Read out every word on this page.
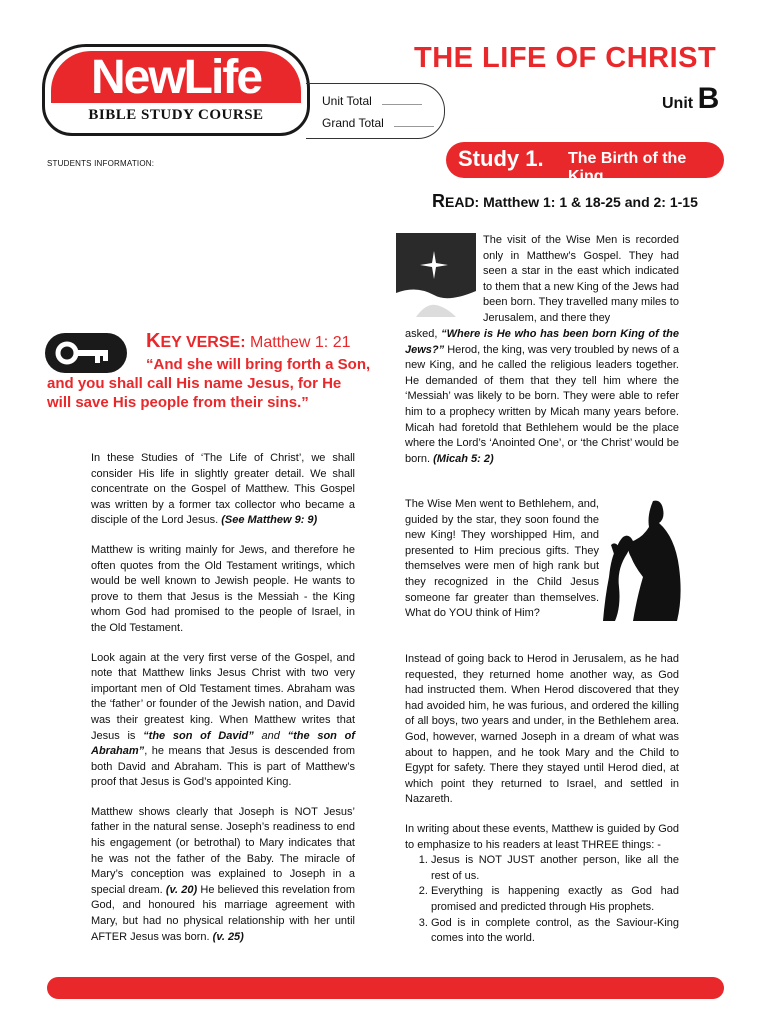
NewLife
BIBLE STUDY COURSE
Unit Total
Grand Total
THE LIFE OF CHRIST
Unit B
Study 1. The Birth of the King
STUDENTS INFORMATION:
READ: Matthew 1: 1 & 18-25 and 2: 1-15
KEY VERSE: Matthew 1: 21
“And she will bring forth a Son,
and you shall call His name Jesus, for He
will save His people from their sins.”
The visit of the Wise Men is recorded only in Matthew’s Gospel. They had seen a star in the east which indicated to them that a new King of the Jews had been born. They travelled many miles to Jerusalem, and there they
asked, “Where is He who has been born King of the Jews?” Herod, the king, was very troubled by news of a new King, and he called the religious leaders together. He demanded of them that they tell him where the ‘Messiah’ was likely to be born. They were able to refer him to a prophecy written by Micah many years before. Micah had foretold that Bethlehem would be the place where the Lord’s ‘Anointed One’, or ‘the Christ’ would be born. (Micah 5: 2)
The Wise Men went to Bethlehem, and, guided by the star, they soon found the new King! They worshipped Him, and presented to Him precious gifts. They themselves were men of high rank but they recognized in the Child Jesus someone far greater than themselves. What do YOU think of Him?
Instead of going back to Herod in Jerusalem, as he had requested, they returned home another way, as God had instructed them. When Herod discovered that they had avoided him, he was furious, and ordered the killing of all boys, two years and under, in the Bethlehem area. God, however, warned Joseph in a dream of what was about to happen, and he took Mary and the Child to Egypt for safety. There they stayed until Herod died, at which point they returned to Israel, and settled in Nazareth.
In writing about these events, Matthew is guided by God to emphasize to his readers at least THREE things: -
1. Jesus is NOT JUST another person, like all the rest of us.
2. Everything is happening exactly as God had promised and predicted through His prophets.
3. God is in complete control, as the Saviour-King comes into the world.

In these Studies of ‘The Life of Christ’, we shall consider His life in slightly greater detail. We shall concentrate on the Gospel of Matthew. This Gospel was written by a former tax collector who became a disciple of the Lord Jesus. (See Matthew 9: 9)

Matthew is writing mainly for Jews, and therefore he often quotes from the Old Testament writings, which would be well known to Jewish people. He wants to prove to them that Jesus is the Messiah - the King whom God had promised to the people of Israel, in the Old Testament.

Look again at the very first verse of the Gospel, and note that Matthew links Jesus Christ with two very important men of Old Testament times. Abraham was the ‘father’ or founder of the Jewish nation, and David was their greatest king. When Matthew writes that Jesus is “the son of David” and “the son of Abraham”, he means that Jesus is descended from both David and Abraham. This is part of Matthew’s proof that Jesus is God’s appointed King.

Matthew shows clearly that Joseph is NOT Jesus’ father in the natural sense. Joseph’s readiness to end his engagement (or betrothal) to Mary indicates that he was not the father of the Baby. The miracle of Mary’s conception was explained to Joseph in a special dream. (v. 20) He believed this revelation from God, and honoured his marriage agreement with Mary, but had no physical relationship with her until AFTER Jesus was born. (v. 25)
